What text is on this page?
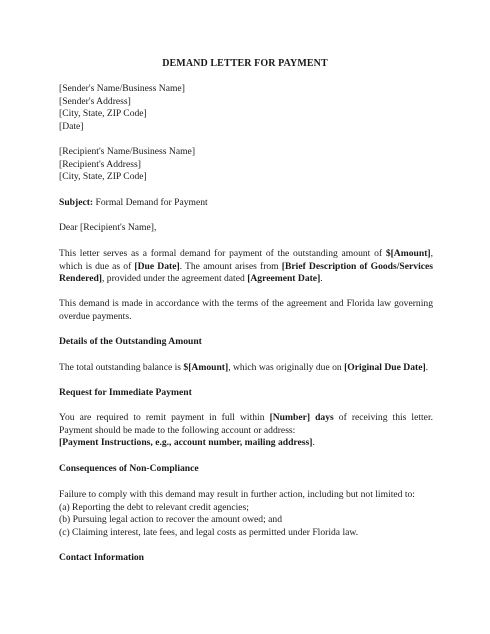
DEMAND LETTER FOR PAYMENT
[Sender's Name/Business Name]
[Sender's Address]
[City, State, ZIP Code]
[Date]
[Recipient's Name/Business Name]
[Recipient's Address]
[City, State, ZIP Code]
Subject: Formal Demand for Payment
Dear [Recipient's Name],
This letter serves as a formal demand for payment of the outstanding amount of $[Amount],
which is due as of [Due Date]. The amount arises from [Brief Description of Goods/Services
Rendered], provided under the agreement dated [Agreement Date].
This demand is made in accordance with the terms of the agreement and Florida law governing
overdue payments.
Details of the Outstanding Amount
The total outstanding balance is $[Amount], which was originally due on [Original Due Date].
Request for Immediate Payment
You are required to remit payment in full within [Number] days of receiving this letter.
Payment should be made to the following account or address:
[Payment Instructions, e.g., account number, mailing address].
Consequences of Non-Compliance
Failure to comply with this demand may result in further action, including but not limited to:
(a) Reporting the debt to relevant credit agencies;
(b) Pursuing legal action to recover the amount owed; and
(c) Claiming interest, late fees, and legal costs as permitted under Florida law.
Contact Information
